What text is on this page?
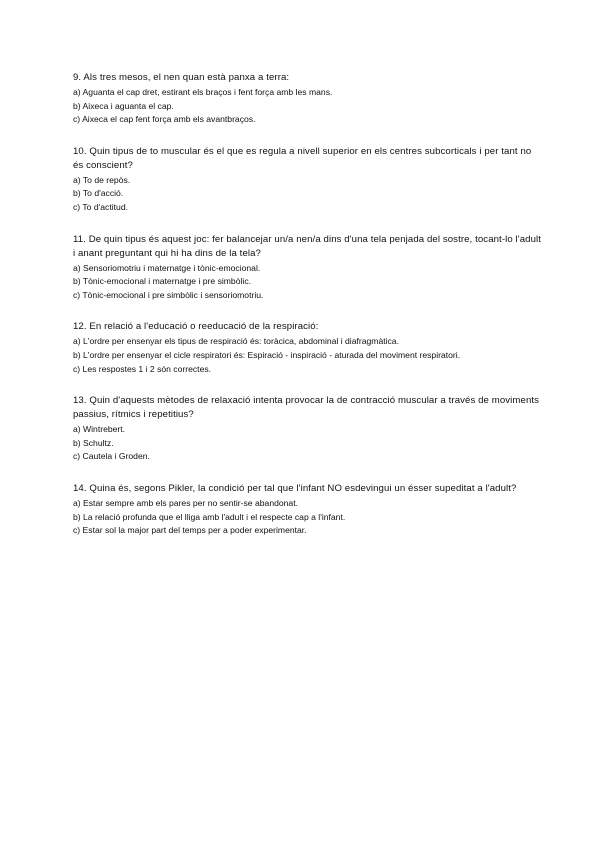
9. Als tres mesos, el nen quan està panxa a terra:

a) Aguanta el cap dret, estirant els braços i fent força amb les mans.

b) Aixeca i aguanta el cap.

c) Aixeca el cap fent força amb els avantbraços.

10. Quin tipus de to muscular és el que es regula a nivell superior en els centres subcorticals i per tant no és conscient?

a) To de repòs.

b) To d'acció.

c) To d'actitud.

11. De quin tipus és aquest joc: fer balancejar un/a nen/a dins d'una tela penjada del sostre, tocant-lo l'adult i anant preguntant qui hi ha dins de la tela?

a) Sensoriomotriu i maternatge i tònic-emocional.

b) Tònic-emocional i maternatge i pre simbòlic.

c) Tònic-emocional i pre simbòlic i sensoriomotriu.

12. En relació a l'educació o reeducació de la respiració:

a) L'ordre per ensenyar els tipus de respiració és: toràcica, abdominal i diafragmàtica.

b) L'ordre per ensenyar el cicle respiratori és: Espiració - inspiració - aturada del moviment respiratori.

c) Les respostes 1 i 2 són correctes.

13. Quin d'aquests mètodes de relaxació intenta provocar la de contracció muscular a través de moviments passius, rítmics i repetitius?

a) Wintrebert.

b) Schultz.

c) Cautela i Groden.

14. Quina és, segons Pikler, la condició per tal que l'infant NO esdevingui un ésser supeditat a l'adult?

a) Estar sempre amb els pares per no sentir-se abandonat.

b) La relació profunda que el lliga amb l'adult i el respecte cap a l'infant.

c) Estar sol la major part del temps per a poder experimentar.
